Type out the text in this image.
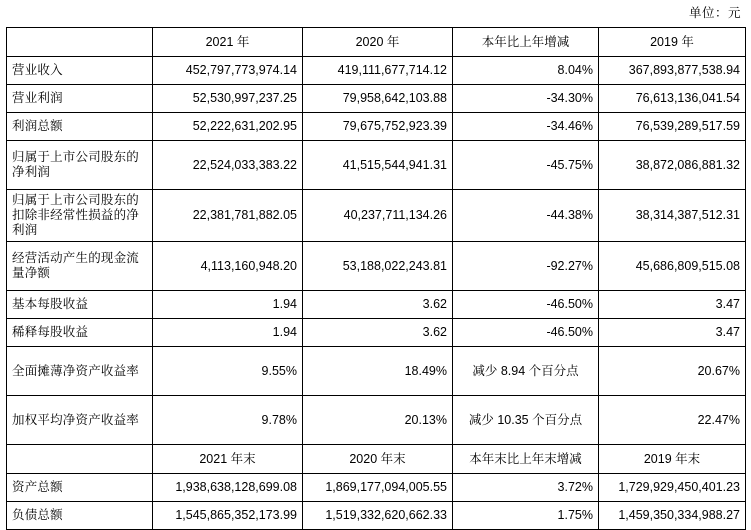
单位：元
	2021 年	2020 年	本年比上年增减	2019 年
营业收入	452,797,773,974.14	419,111,677,714.12	8.04%	367,893,877,538.94
营业利润	52,530,997,237.25	79,958,642,103.88	-34.30%	76,613,136,041.54
利润总额	52,222,631,202.95	79,675,752,923.39	-34.46%	76,539,289,517.59
归属于上市公司股东的净利润	22,524,033,383.22	41,515,544,941.31	-45.75%	38,872,086,881.32
归属于上市公司股东的扣除非经常性损益的净利润	22,381,781,882.05	40,237,711,134.26	-44.38%	38,314,387,512.31
经营活动产生的现金流量净额	4,113,160,948.20	53,188,022,243.81	-92.27%	45,686,809,515.08
基本每股收益	1.94	3.62	-46.50%	3.47
稀释每股收益	1.94	3.62	-46.50%	3.47
全面摊薄净资产收益率	9.55%	18.49%	减少 8.94 个百分点	20.67%
加权平均净资产收益率	9.78%	20.13%	减少 10.35 个百分点	22.47%
	2021 年末	2020 年末	本年末比上年末增减	2019 年末
资产总额	1,938,638,128,699.08	1,869,177,094,005.55	3.72%	1,729,929,450,401.23
负债总额	1,545,865,352,173.99	1,519,332,620,662.33	1.75%	1,459,350,334,988.27
